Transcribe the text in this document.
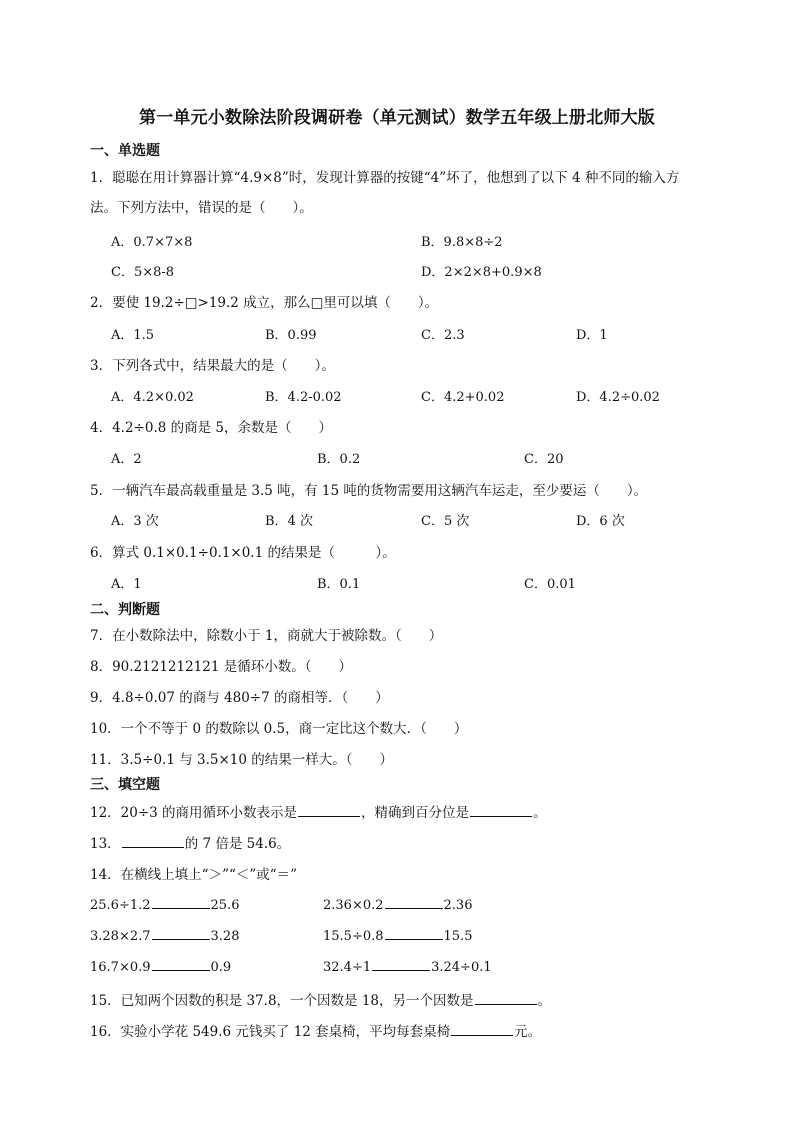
第一单元小数除法阶段调研卷（单元测试）数学五年级上册北师大版
一、单选题
1．聪聪在用计算器计算“4.9×8”时，发现计算器的按键“4”坏了，他想到了以下 4 种不同的输入方
法。下列方法中，错误的是（　　）。
A．0.7×7×8	B．9.8×8÷2
C．5×8-8	D．2×2×8+0.9×8
2．要使 19.2÷□>19.2 成立，那么□里可以填（　　）。
A．1.5	B．0.99	C．2.3	D．1
3．下列各式中，结果最大的是（　　）。
A．4.2×0.02	B．4.2-0.02	C．4.2+0.02	D．4.2÷0.02
4．4.2÷0.8 的商是 5，余数是（　　）
A．2	B．0.2	C．20
5．一辆汽车最高载重量是 3.5 吨，有 15 吨的货物需要用这辆汽车运走，至少要运（　　）。
A．3 次	B．4 次	C．5 次	D．6 次
6．算式 0.1×0.1÷0.1×0.1 的结果是（　　　）。
A．1	B．0.1	C．0.01
二、判断题
7．在小数除法中，除数小于 1，商就大于被除数。（　　）
8．90.2121212121 是循环小数。（　　）
9．4.8÷0.07 的商与 480÷7 的商相等．（　　）
10．一个不等于 0 的数除以 0.5，商一定比这个数大．（　　）
11．3.5÷0.1 与 3.5×10 的结果一样大。（　　）
三、填空题
12．20÷3 的商用循环小数表示是	，精确到百分位是	。
13．	的 7 倍是 54.6。
14．在横线上填上“＞”“＜”或“＝”
25.6÷1.2	25.6	2.36×0.2	2.36
3.28×2.7	3.28	15.5÷0.8	15.5
16.7×0.9	0.9	32.4÷1	3.24÷0.1
15．已知两个因数的积是 37.8，一个因数是 18，另一个因数是	。
16．实验小学花 549.6 元钱买了 12 套桌椅，平均每套桌椅	元。
